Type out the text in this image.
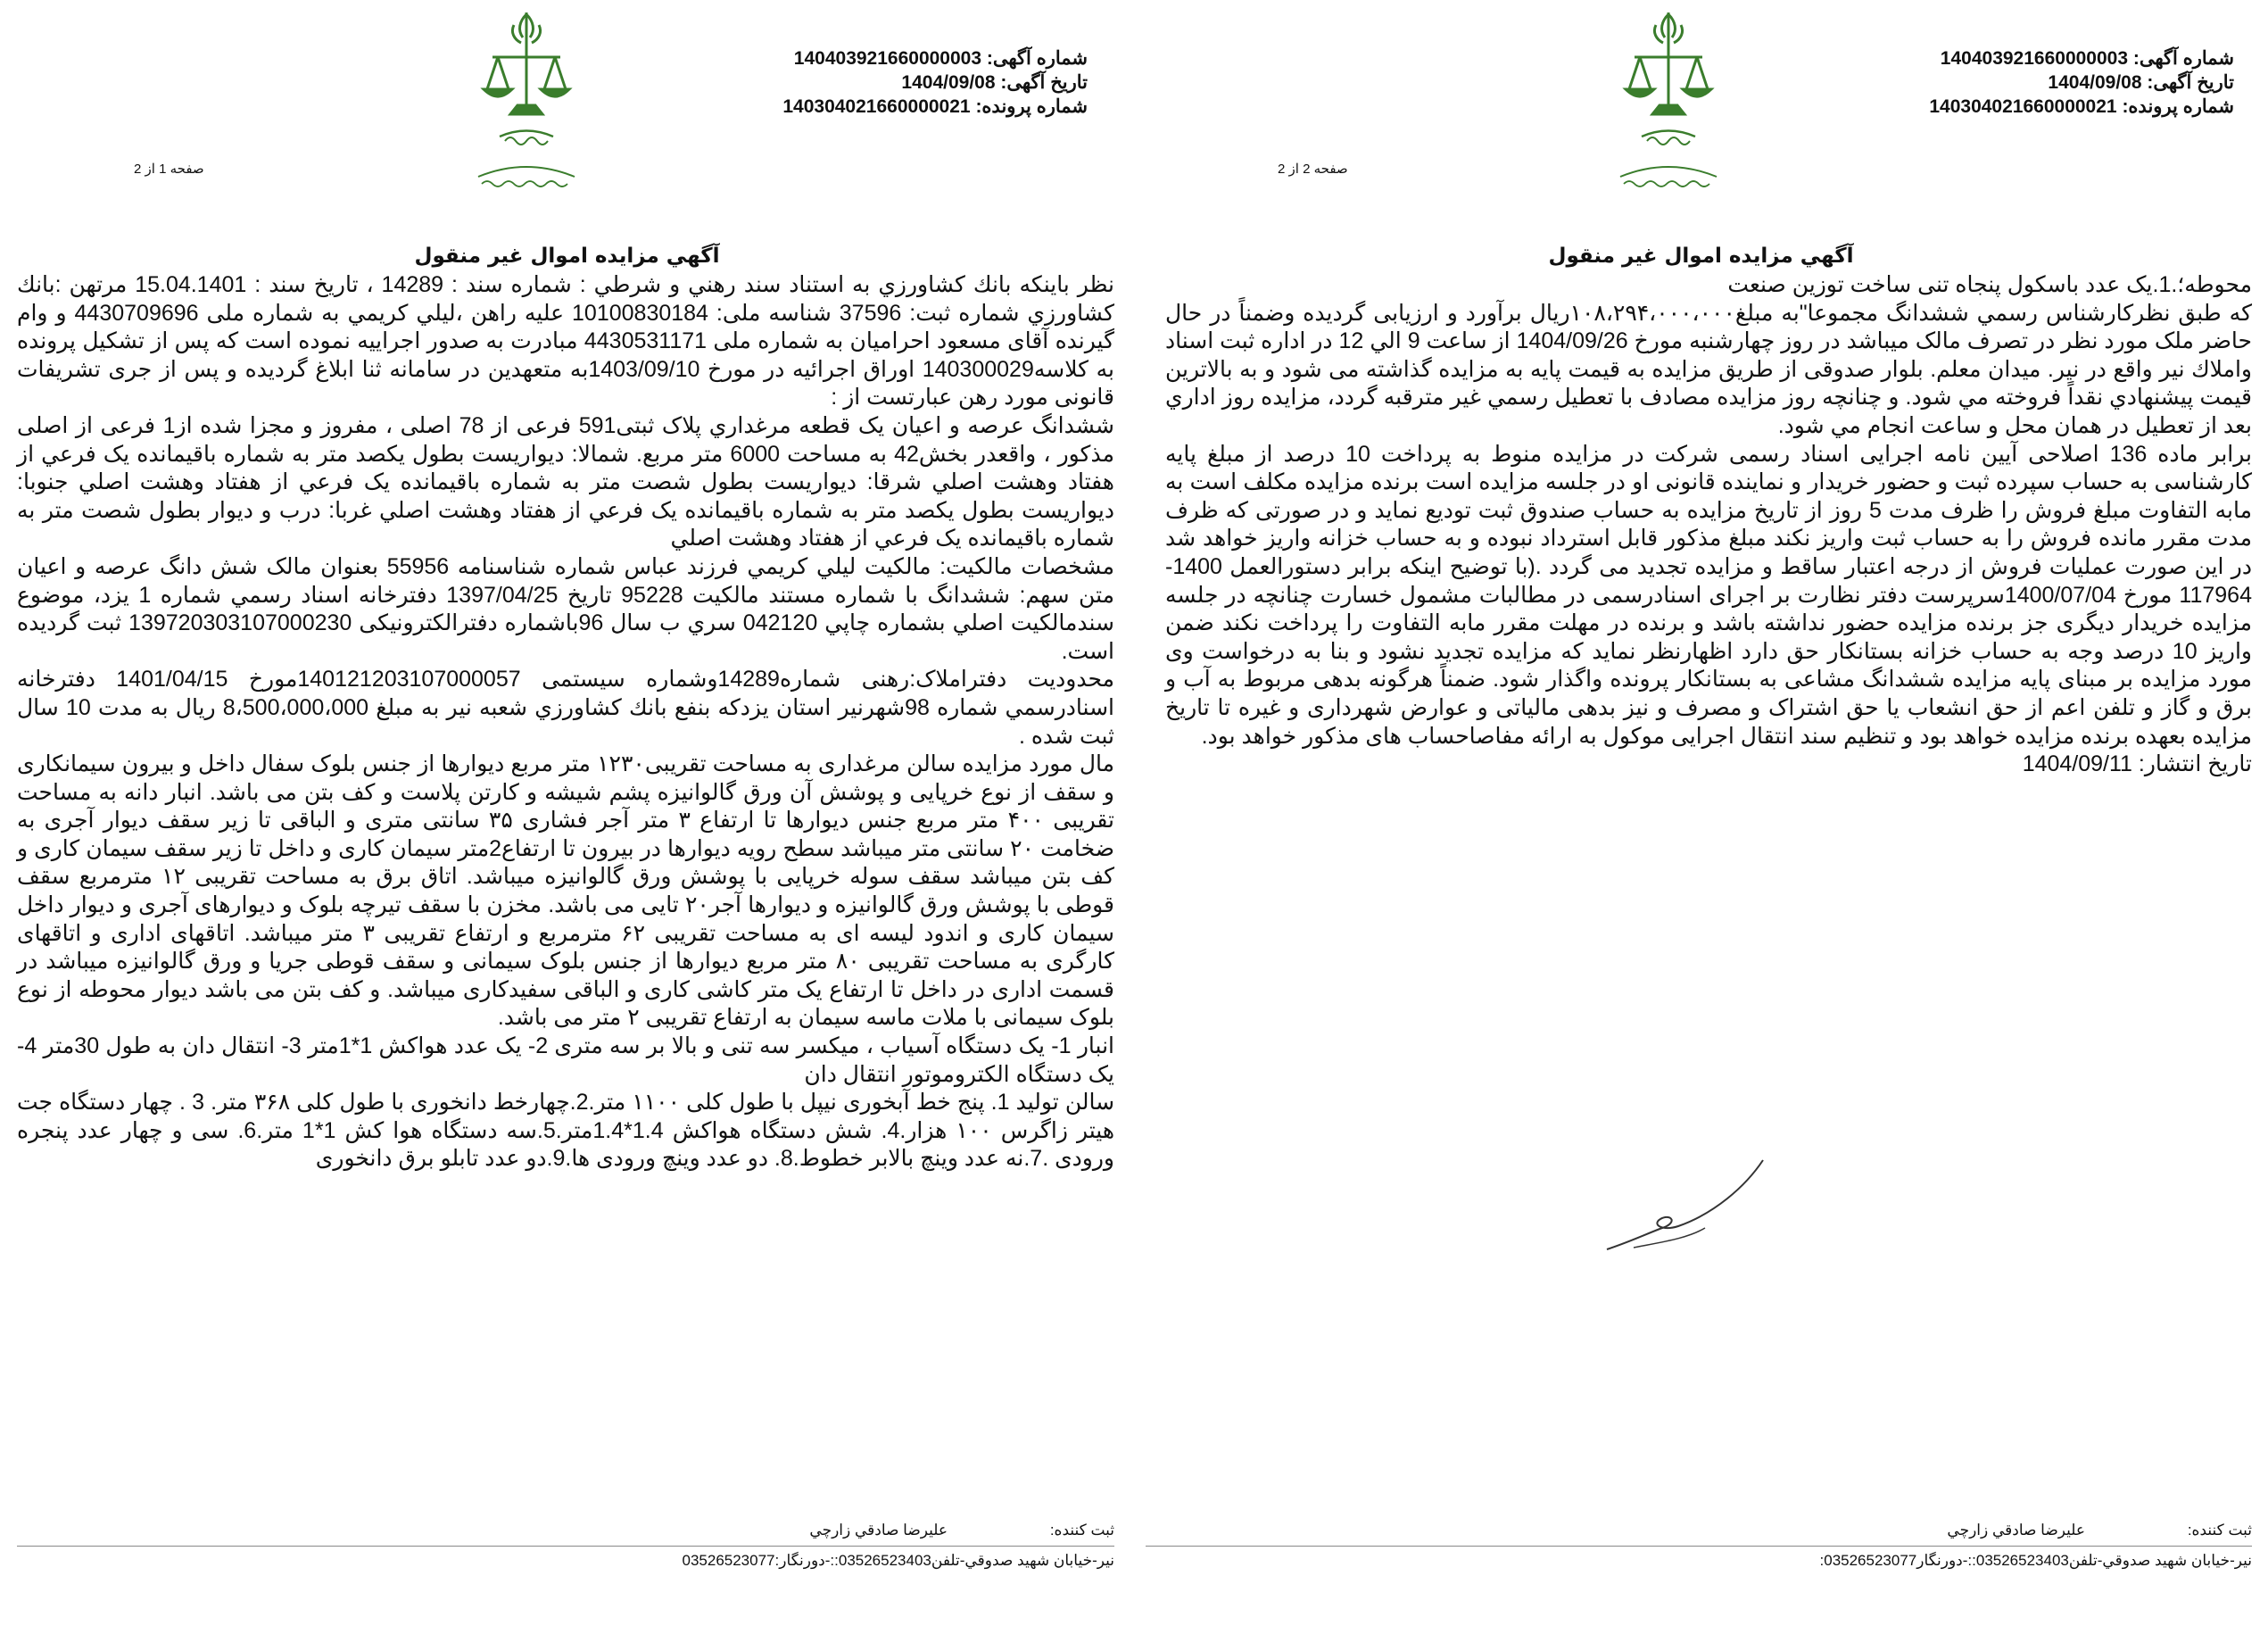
شماره آگهی: 140403921660000003
تاریخ آگهی: 1404/09/08
شماره پرونده: 140304021660000021
صفحه 1 از 2
آگهي مزايده اموال غير منقول

نظر باينكه بانك كشاورزي به استناد سند رهني و شرطي : شماره سند : 14289 ، تاريخ سند : 15.04.1401 مرتهن :بانك كشاورزي شماره ثبت: 37596 شناسه ملی: 10100830184 علیه راهن ،ليلي كريمي به شماره ملی 4430709696 و وام گیرنده آقای مسعود احراميان به شماره ملی 4430531171 مبادرت به صدور اجراییه نموده است كه پس از تشكيل پرونده به كلاسه140300029 اوراق اجرائيه در مورخ 1403/09/10به متعهدين در سامانه ثنا ابلاغ گرديده و پس از جری تشریفات قانونی مورد رهن عبارتست از :

ششدانگ عرصه و اعيان يک قطعه مرغداري پلاک ثبتی591 فرعی از 78 اصلی ، مفروز و مجزا شده از1 فرعی از اصلی مذکور ، واقعدر بخش42 به مساحت 6000 متر مربع. شمالا: ديواريست بطول يكصد متر به شماره باقيمانده يک فرعي از هفتاد وهشت اصلي شرقا: ديواريست بطول شصت متر به شماره باقيمانده يک فرعي از هفتاد وهشت اصلي جنوبا: ديواريست بطول يكصد متر به شماره باقيمانده يک فرعي از هفتاد وهشت اصلي غربا: درب و ديوار بطول شصت متر به شماره باقيمانده يک فرعي از هفتاد وهشت اصلي

مشخصات مالکیت: مالکیت ليلي كريمي فرزند عباس شماره شناسنامه 55956 بعنوان مالک شش دانگ عرصه و اعیان متن سهم: ششدانگ با شماره مستند مالکیت 95228 تاریخ 1397/04/25 دفترخانه اسناد رسمي شماره 1 يزد، موضوع سندمالكيت اصلي بشماره چاپي 042120 سري ب سال 96باشماره دفترالکترونیکی 139720303107000230 ثبت گرديده است.

محدودیت دفتراملاک:رهنی شماره14289وشماره سیستمی 140121203107000057مورخ 1401/04/15 دفترخانه اسنادرسمي شماره 98شهرنير استان يزدكه بنفع بانك كشاورزي شعبه نير به مبلغ 8،500،000،000 ريال به مدت 10 سال ثبت شده .

مال مورد مزایده سالن مرغداری به مساحت تقریبی۱۲۳۰ متر مربع دیوارها از جنس بلوک سفال داخل و بیرون سیمانکاری و سقف از نوع خرپایی و پوشش آن ورق گالوانیزه پشم شیشه و کارتن پلاست و کف بتن می باشد. انبار دانه به مساحت تقریبی ۴۰۰ متر مربع جنس دیوارها تا ارتفاع ۳ متر آجر فشاری ۳۵ سانتی متری و الباقی تا زیر سقف دیوار آجری به ضخامت ۲۰ سانتی متر میباشد سطح رویه دیوارها در بیرون تا ارتفاع2متر سیمان کاری و داخل تا زیر سقف سیمان کاری و کف بتن میباشد سقف سوله خرپایی با پوشش ورق گالوانیزه میباشد. اتاق برق به مساحت تقریبی ۱۲ مترمربع سقف قوطی با پوشش ورق گالوانیزه و دیوارها آجر۲۰ تایی می باشد. مخزن با سقف تیرچه بلوک و دیوارهای آجری و دیوار داخل سیمان کاری و اندود لیسه ای به مساحت تقریبی ۶۲ مترمربع و ارتفاع تقریبی ۳ متر میباشد. اتاقهای اداری و اتاقهای کارگری به مساحت تقریبی ۸۰ متر مربع دیوارها از جنس بلوک سیمانی و سقف قوطی جریا و ورق گالوانیزه میباشد در قسمت اداری در داخل تا ارتفاع یک متر کاشی کاری و الباقی سفیدکاری میباشد. و کف بتن می باشد دیوار محوطه از نوع بلوک سیمانی با ملات ماسه سیمان به ارتفاع تقریبی ۲ متر می باشد.

انبار 1- یک دستگاه آسیاب ، میکسر سه تنی و بالا بر سه متری 2- یک عدد هواکش 1*1متر 3- انتقال دان به طول 30متر 4- یک دستگاه الکتروموتور انتقال دان

سالن تولید 1. پنج خط آبخوری نیپل با طول کلی ۱۱۰۰ متر.2.چهارخط دانخوری با طول کلی ۳۶۸ متر. 3 . چهار دستگاه جت هیتر زاگرس ۱۰۰ هزار.4. شش دستگاه هواکش 1.4*1.4متر.5.سه دستگاه هوا کش 1*1 متر.6. سی و چهار عدد پنجره ورودی .7.نه عدد وینچ بالابر خطوط.8. دو عدد وینچ ورودی ها.9.دو عدد تابلو برق دانخوری

ثبت كننده: عليرضا صادقي زارچي
نير-خيابان شهيد صدوقي-تلفن03526523403::-دورنگار:03526523077
شماره آگهی: 140403921660000003
تاریخ آگهی: 1404/09/08
شماره پرونده: 140304021660000021
صفحه 2 از 2
آگهي مزايده اموال غير منقول

محوطه؛.1.یک عدد باسکول پنجاه تنی ساخت توزین صنعت

كه طبق نظركارشناس رسمي ششدانگ مجموعا"به مبلغ۱۰۸،۲۹۴،۰۰۰،۰۰۰ریال برآورد و ارزیابی گردیده وضمناً در حال حاضر ملک مورد نظر در تصرف مالک میباشد در روز چهارشنبه مورخ 1404/09/26 از ساعت 9 الي 12 در اداره ثبت اسناد واملاك نير واقع در نير. ميدان معلم. بلوار صدوقی از طريق مزايده به قيمت پايه به مزايده گذاشته می شود و به بالاترين قيمت پيشنهادي نقداً فروخته مي شود. و چنانچه روز مزايده مصادف با تعطيل رسمي غير مترقبه گردد، مزايده روز اداري بعد از تعطيل در همان محل و ساعت انجام مي شود.

برابر ماده 136 اصلاحی آیین نامه اجرایی اسناد رسمی شرکت در مزایده منوط به پرداخت 10 درصد از مبلغ پایه کارشناسی به حساب سپرده ثبت و حضور خریدار و نماینده قانونی او در جلسه مزایده است برنده مزایده مکلف است به مابه التفاوت مبلغ فروش را ظرف مدت 5 روز از تاریخ مزایده به حساب صندوق ثبت تودیع نماید و در صورتی که ظرف مدت مقرر مانده فروش را به حساب ثبت واریز نکند مبلغ مذکور قابل استرداد نبوده و به حساب خزانه واریز خواهد شد در این صورت عملیات فروش از درجه اعتبار ساقط و مزایده تجدید می گردد .(با توضیح اینکه برابر دستورالعمل 1400- 117964 مورخ 1400/07/04سرپرست دفتر نظارت بر اجرای اسنادرسمی در مطالبات مشمول خسارت چنانچه در جلسه مزایده خریدار دیگری جز برنده مزایده حضور نداشته باشد و برنده در مهلت مقرر مابه التفاوت را پرداخت نکند ضمن واریز 10 درصد وجه به حساب خزانه بستانکار حق دارد اظهارنظر نماید که مزایده تجدید نشود و بنا به درخواست وی مورد مزایده بر مبنای پایه مزایده ششدانگ مشاعی به بستانکار پرونده واگذار شود. ضمناً هرگونه بدهی مربوط به آب و برق و گاز و تلفن اعم از حق انشعاب یا حق اشتراک و مصرف و نیز بدهی مالیاتی و عوارض شهرداری و غیره تا تاریخ مزایده بعهده برنده مزایده خواهد بود و تنظیم سند انتقال اجرایی موکول به ارائه مفاصاحساب های مذکور خواهد بود.

تاریخ انتشار: 1404/09/11

ثبت كننده: عليرضا صادقي زارچي
نير-خيابان شهيد صدوقي-تلفن03526523403::-دورنگار03526523077:
